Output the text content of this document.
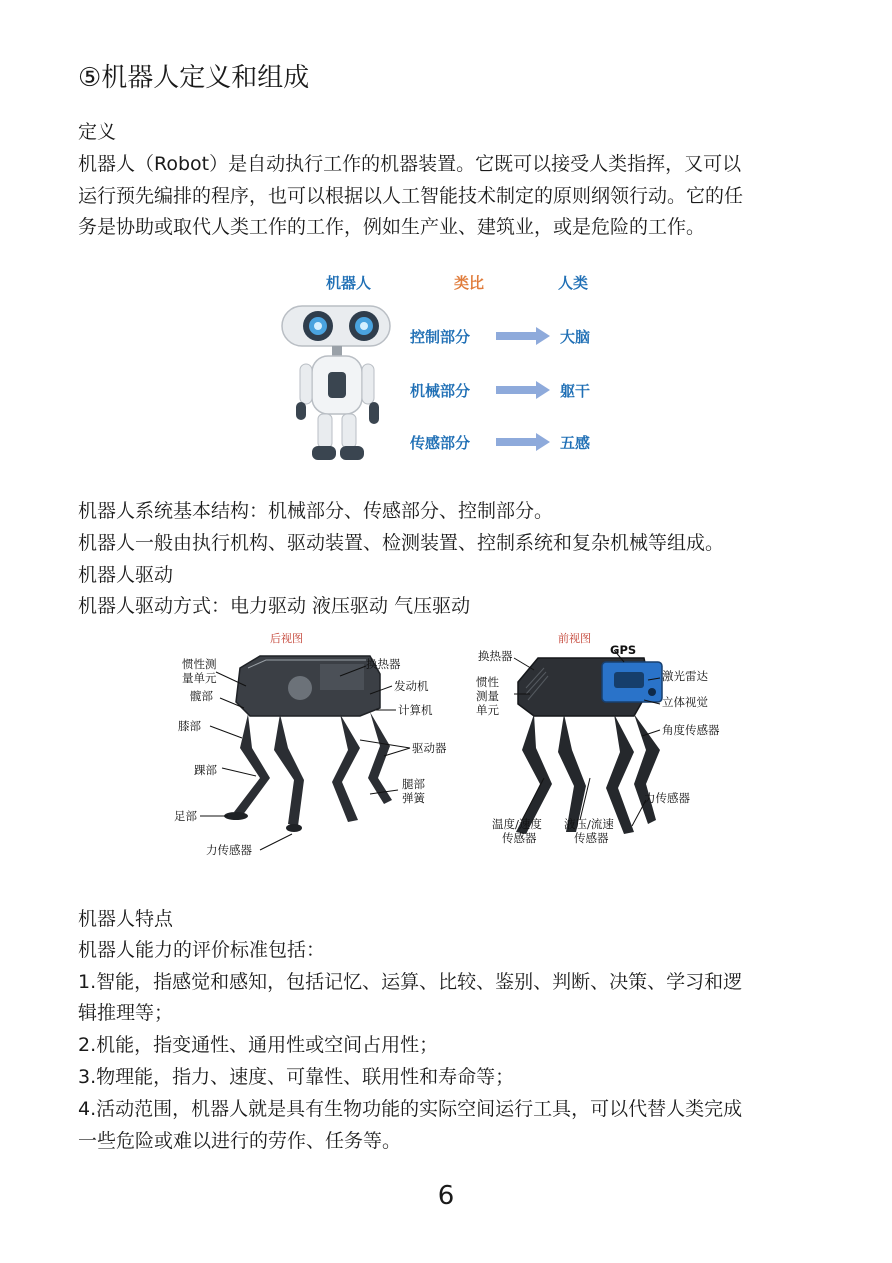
⑤机器人定义和组成
定义
机器人（Robot）是自动执行工作的机器装置。它既可以接受人类指挥，又可以
运行预先编排的程序，也可以根据以人工智能技术制定的原则纲领行动。它的任
务是协助或取代人类工作的工作，例如生产业、建筑业，或是危险的工作。
机器人	类比	人类
控制部分	大脑
机械部分	躯干
传感部分	五感
机器人系统基本结构：机械部分、传感部分、控制部分。
机器人一般由执行机构、驱动装置、检测装置、控制系统和复杂机械等组成。
机器人驱动
机器人驱动方式：电力驱动 液压驱动 气压驱动
后视图
惯性测
量单元
髋部
膝部
踝部
足部
力传感器
换热器
发动机
计算机
驱动器
腿部
弹簧
前视图
换热器
惯性
测量
单元
GPS
激光雷达
立体视觉
角度传感器
力传感器
温度/速度
传感器
液压/流速
传感器
机器人特点
机器人能力的评价标准包括：
1.智能，指感觉和感知，包括记忆、运算、比较、鉴别、判断、决策、学习和逻
辑推理等；
2.机能，指变通性、通用性或空间占用性；
3.物理能，指力、速度、可靠性、联用性和寿命等；
4.活动范围，机器人就是具有生物功能的实际空间运行工具，可以代替人类完成
一些危险或难以进行的劳作、任务等。
6
